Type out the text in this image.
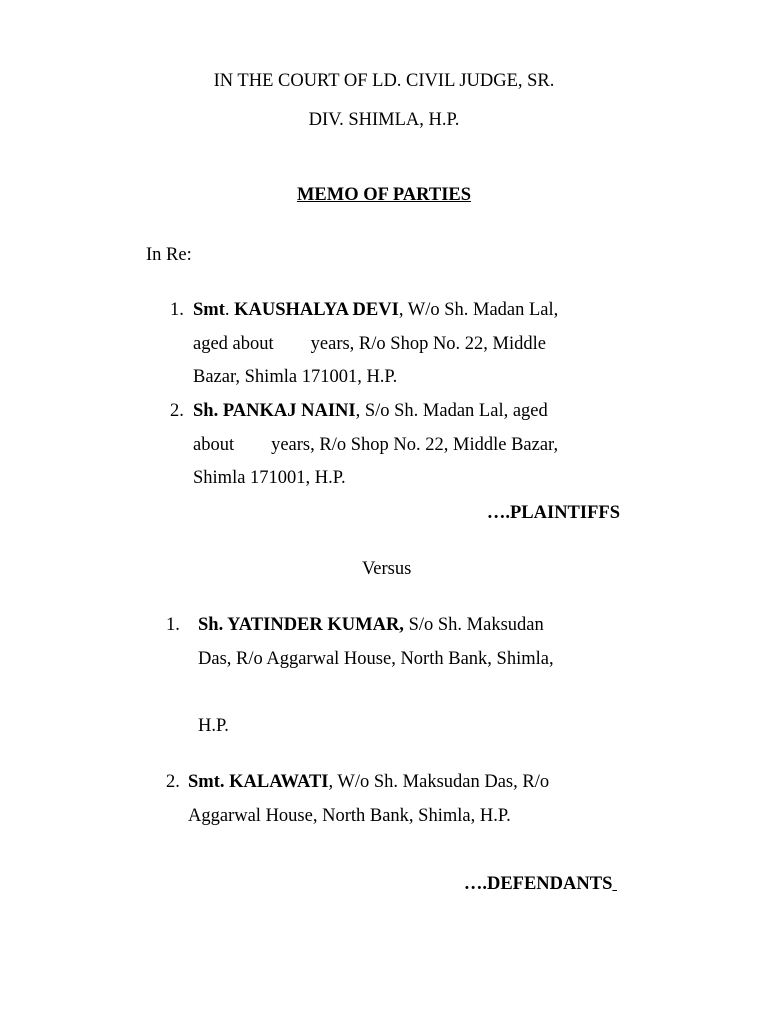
IN THE COURT OF LD. CIVIL JUDGE, SR.
DIV. SHIMLA, H.P.
MEMO OF PARTIES
In Re:
1. Smt. KAUSHALYA DEVI, W/o Sh. Madan Lal,
aged about        years, R/o Shop No. 22, Middle
Bazar, Shimla 171001, H.P.
2. Sh. PANKAJ NAINI, S/o Sh. Madan Lal, aged
about        years, R/o Shop No. 22, Middle Bazar,
Shimla 171001, H.P.
….PLAINTIFFS
Versus
1. Sh. YATINDER KUMAR, S/o Sh. Maksudan
Das, R/o Aggarwal House, North Bank, Shimla,
H.P.
2. Smt. KALAWATI, W/o Sh. Maksudan Das, R/o
Aggarwal House, North Bank, Shimla, H.P.
….DEFENDANTS
